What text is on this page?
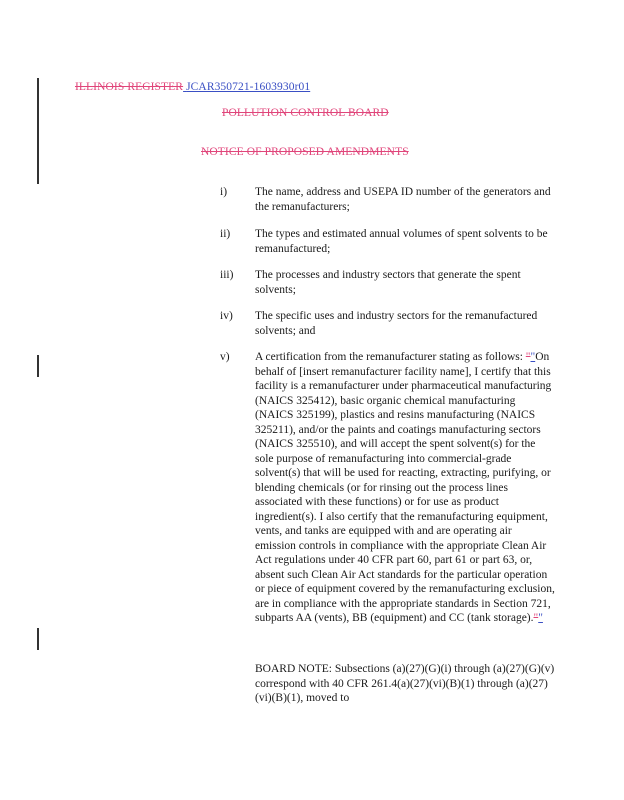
ILLINOIS REGISTER JCAR350721-1603930r01
POLLUTION CONTROL BOARD
NOTICE OF PROPOSED AMENDMENTS
i) The name, address and USEPA ID number of the generators and the remanufacturers;
ii) The types and estimated annual volumes of spent solvents to be remanufactured;
iii) The processes and industry sectors that generate the spent solvents;
iv) The specific uses and industry sectors for the remanufactured solvents; and
v) A certification from the remanufacturer stating as follows: ""On behalf of [insert remanufacturer facility name], I certify that this facility is a remanufacturer under pharmaceutical manufacturing (NAICS 325412), basic organic chemical manufacturing (NAICS 325199), plastics and resins manufacturing (NAICS 325211), and/or the paints and coatings manufacturing sectors (NAICS 325510), and will accept the spent solvent(s) for the sole purpose of remanufacturing into commercial-grade solvent(s) that will be used for reacting, extracting, purifying, or blending chemicals (or for rinsing out the process lines associated with these functions) or for use as product ingredient(s). I also certify that the remanufacturing equipment, vents, and tanks are equipped with and are operating air emission controls in compliance with the appropriate Clean Air Act regulations under 40 CFR part 60, part 61 or part 63, or, absent such Clean Air Act standards for the particular operation or piece of equipment covered by the remanufacturing exclusion, are in compliance with the appropriate standards in Section 721, subparts AA (vents), BB (equipment) and CC (tank storage).""
BOARD NOTE: Subsections (a)(27)(G)(i) through (a)(27)(G)(v) correspond with 40 CFR 261.4(a)(27)(vi)(B)(1) through (a)(27)(vi)(B)(1), moved to
